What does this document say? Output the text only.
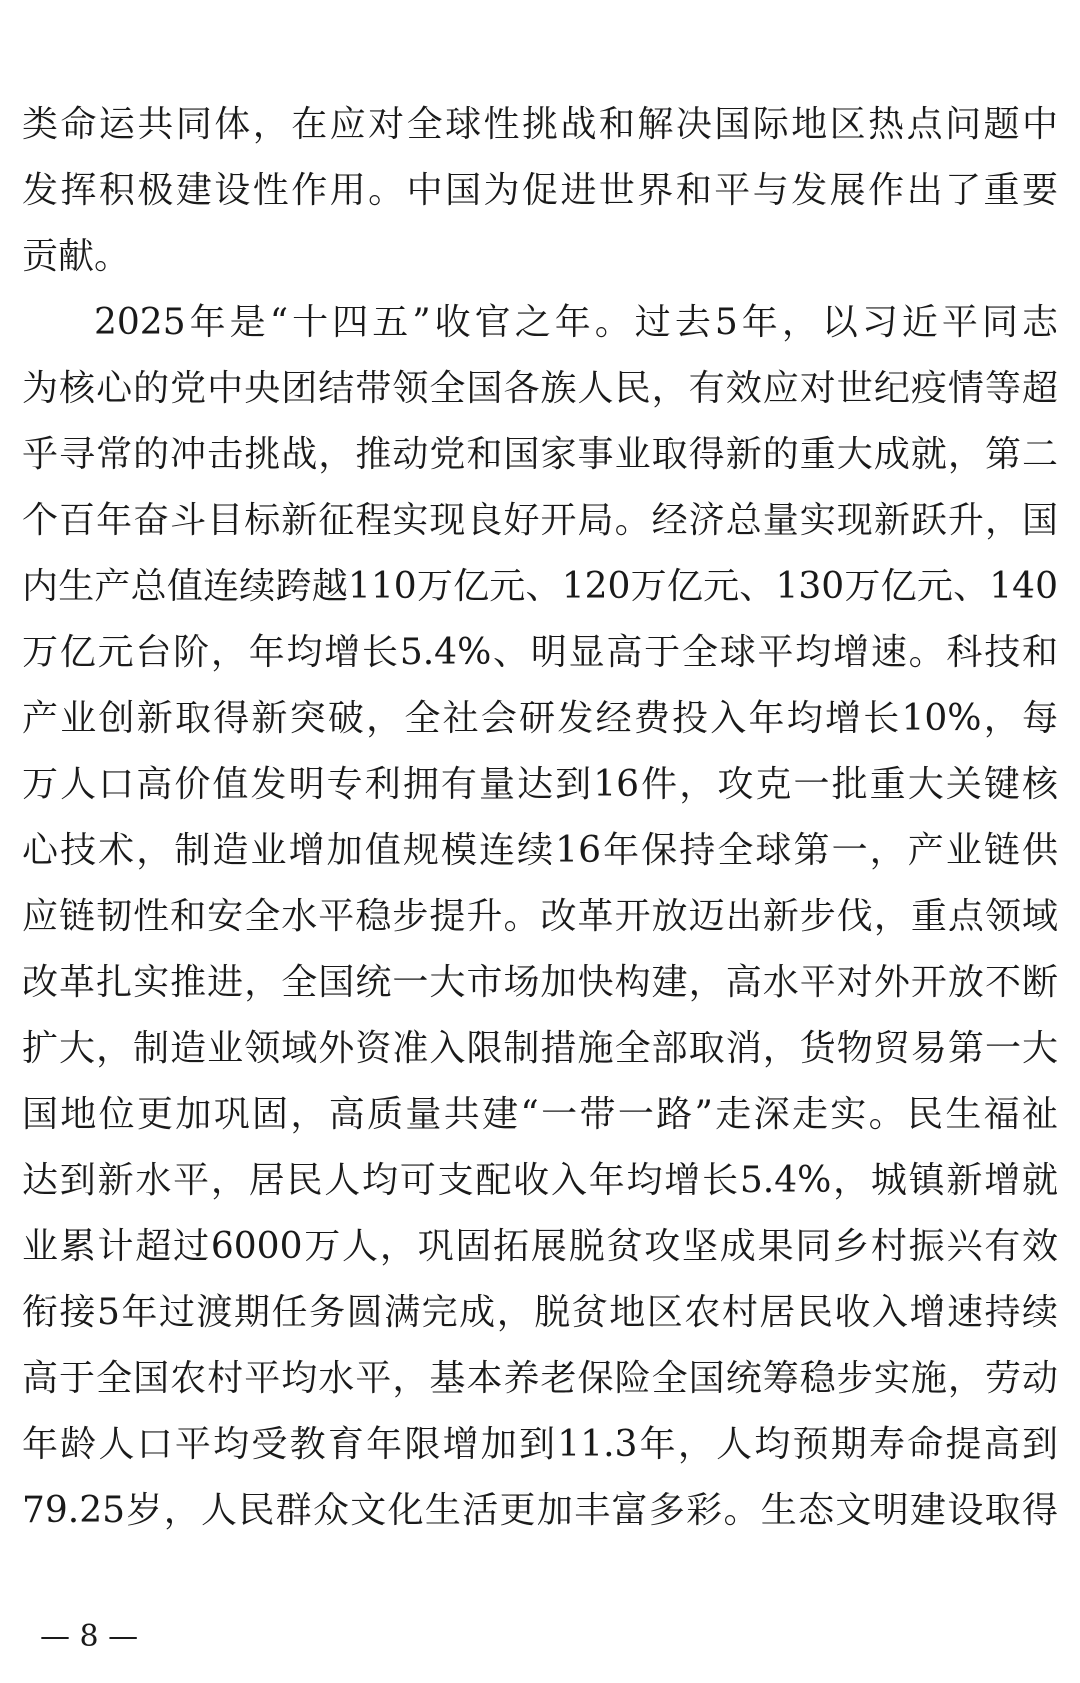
类命运共同体，在应对全球性挑战和解决国际地区热点问题中
发挥积极建设性作用。中国为促进世界和平与发展作出了重要
贡献。
2025年是“十四五”收官之年。过去5年，以习近平同志
为核心的党中央团结带领全国各族人民，有效应对世纪疫情等超
乎寻常的冲击挑战，推动党和国家事业取得新的重大成就，第二
个百年奋斗目标新征程实现良好开局。经济总量实现新跃升，国
内生产总值连续跨越110万亿元、120万亿元、130万亿元、140
万亿元台阶，年均增长5.4%、明显高于全球平均增速。科技和
产业创新取得新突破，全社会研发经费投入年均增长10%，每
万人口高价值发明专利拥有量达到16件，攻克一批重大关键核
心技术，制造业增加值规模连续16年保持全球第一，产业链供
应链韧性和安全水平稳步提升。改革开放迈出新步伐，重点领域
改革扎实推进，全国统一大市场加快构建，高水平对外开放不断
扩大，制造业领域外资准入限制措施全部取消，货物贸易第一大
国地位更加巩固，高质量共建“一带一路”走深走实。民生福祉
达到新水平，居民人均可支配收入年均增长5.4%，城镇新增就
业累计超过6000万人，巩固拓展脱贫攻坚成果同乡村振兴有效
衔接5年过渡期任务圆满完成，脱贫地区农村居民收入增速持续
高于全国农村平均水平，基本养老保险全国统筹稳步实施，劳动
年龄人口平均受教育年限增加到11.3年，人均预期寿命提高到
79.25岁，人民群众文化生活更加丰富多彩。生态文明建设取得
— 8 —
